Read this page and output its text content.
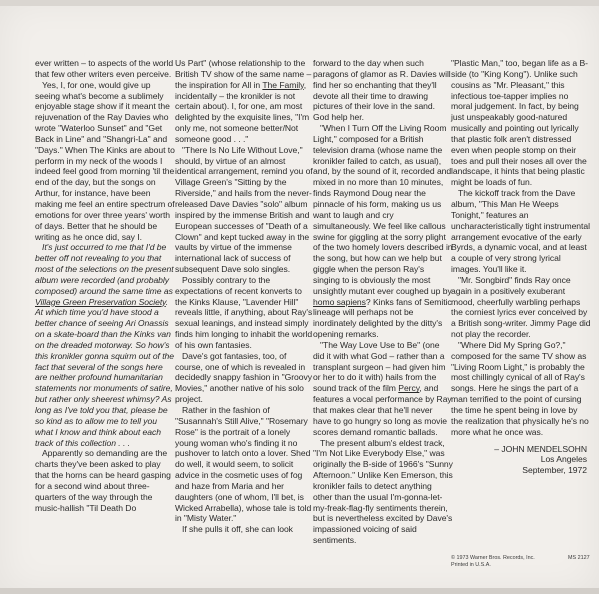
ever written – to aspects of the world that few other writers even perceive.

Yes, I, for one, would give up seeing what's become a sublimely enjoyable stage show if it meant the rejuvenation of the Ray Davies who wrote "Waterloo Sunset" and "Get Back in Line" and "Shangri-La" and "Days." When The Kinks are about to perform in my neck of the woods I indeed feel good from morning 'til the end of the day, but the songs on Arthur, for instance, have been making me feel an entire spectrum of emotions for over three years' worth of days. Better that he should be writing as he once did, say I.

It's just occurred to me that I'd be better off not revealing to you that most of the selections on the present album were recorded (and probably composed) around the same time as Village Green Preservation Society. At which time you'd have stood a better chance of seeing Ari Onassis on a skate-board than the Kinks van on the dreaded motorway. So how's this kronikler gonna squirm out of the fact that several of the songs here are neither profound humanitarian statements nor monuments of satire, but rather only sheerest whimsy? As long as I've told you that, please be so kind as to allow me to tell you what I know and think about each track of this collection . . .

Apparently so demanding are the charts they've been asked to play that the horns can be heard gasping for a second wind about three-quarters of the way through the music-hallish "Til Death Do

Us Part" (whose relationship to the British TV show of the same name – the inspiration for All in The Family, incidentally – the kronikler is not certain about). I, for one, am most delighted by the exquisite lines, "I'm only me, not someone better/Not someone good . . ."

"There Is No Life Without Love," should, by virtue of an almost identical arrangement, remind you of Village Green's "Sitting by the Riverside," and hails from the never-released Dave Davies "solo" album inspired by the immense British and European successes of "Death of a Clown" and kept tucked away in the vaults by virtue of the immense international lack of success of subsequent Dave solo singles.

Possibly contrary to the expectations of recent konverts to the Kinks Klause, "Lavender Hill" reveals little, if anything, about Ray's sexual leanings, and instead simply finds him longing to inhabit the world of his own fantasies.

Dave's got fantasies, too, of course, one of which is revealed in decidedly snappy fashion in "Groovy Movies," another native of his solo project.

Rather in the fashion of "Susannah's Still Alive," "Rosemary Rose" is the portrait of a lonely young woman who's finding it no pushover to latch onto a lover. Shed do well, it would seem, to solicit advice in the cosmetic uses of fog and haze from Maria and her daughters (one of whom, I'll bet, is Wicked Arrabella), whose tale is told in "Misty Water."

If she pulls it off, she can look

forward to the day when such paragons of glamor as R. Davies will find her so enchanting that they'll devote all their time to drawing pictures of their love in the sand. God help her.

"When I Turn Off the Living Room Light," composed for a British television drama (whose name the kronikler failed to catch, as usual), and, by the sound of it, recorded and mixed in no more than 10 minutes, finds Raymond Doug near the pinnacle of his form, making us us want to laugh and cry simultaneously. We feel like callous swine for giggling at the sorry plight of the two homely lovers described in the song, but how can we help but giggle when the person Ray's singing to is obviously the most unsightly mutant ever coughed up by homo sapiens? Kinks fans of Semitic lineage will perhaps not be inordinately delighted by the ditty's opening remarks.

"The Way Love Use to Be" (one did it with what God – rather than a transplant surgeon – had given him or her to do it with) hails from the sound track of the film Percy, and features a vocal performance by Ray that makes clear that he'll never have to go hungry so long as movie scores demand romantic ballads.

The present album's eldest track, "I'm Not Like Everybody Else," was originally the B-side of 1966's "Sunny Afternoon." Unlike Ken Emerson, this kronikler fails to detect anything other than the usual I'm-gonna-let-my-freak-flag-fly sentiments therein, but is nevertheless excited by Dave's impassioned voicing of said sentiments.

"Plastic Man," too, began life as a B-side (to "King Kong"). Unlike such cousins as "Mr. Pleasant," this infectious toe-tapper implies no moral judgement. In fact, by being just unspeakably good-natured musically and pointing out lyrically that plastic folk aren't distressed even when people stomp on their toes and pull their noses all over the landscape, it hints that being plastic might be loads of fun.

The kickoff track from the Dave album, "This Man He Weeps Tonight," features an uncharacteristically tight instrumental arrangement evocative of the early Byrds, a dynamic vocal, and at least a couple of very strong lyrical images. You'll like it.

"Mr. Songbird" finds Ray once again in a positively exuberant mood, cheerfully warbling perhaps the corniest lyrics ever conceived by a British song-writer. Jimmy Page did not play the recorder.

"Where Did My Spring Go?," composed for the same TV show as "Living Room Light," is probably the most chillingly cynical of all of Ray's songs. Here he sings the part of a man terrified to the point of cursing the time he spent being in love by the realization that physically he's no more what he once was.

– JOHN MENDELSOHN
Los Angeles
September, 1972
© 1973 Warner Bros. Records, Inc.
Printed in U.S.A.
MS 2127
